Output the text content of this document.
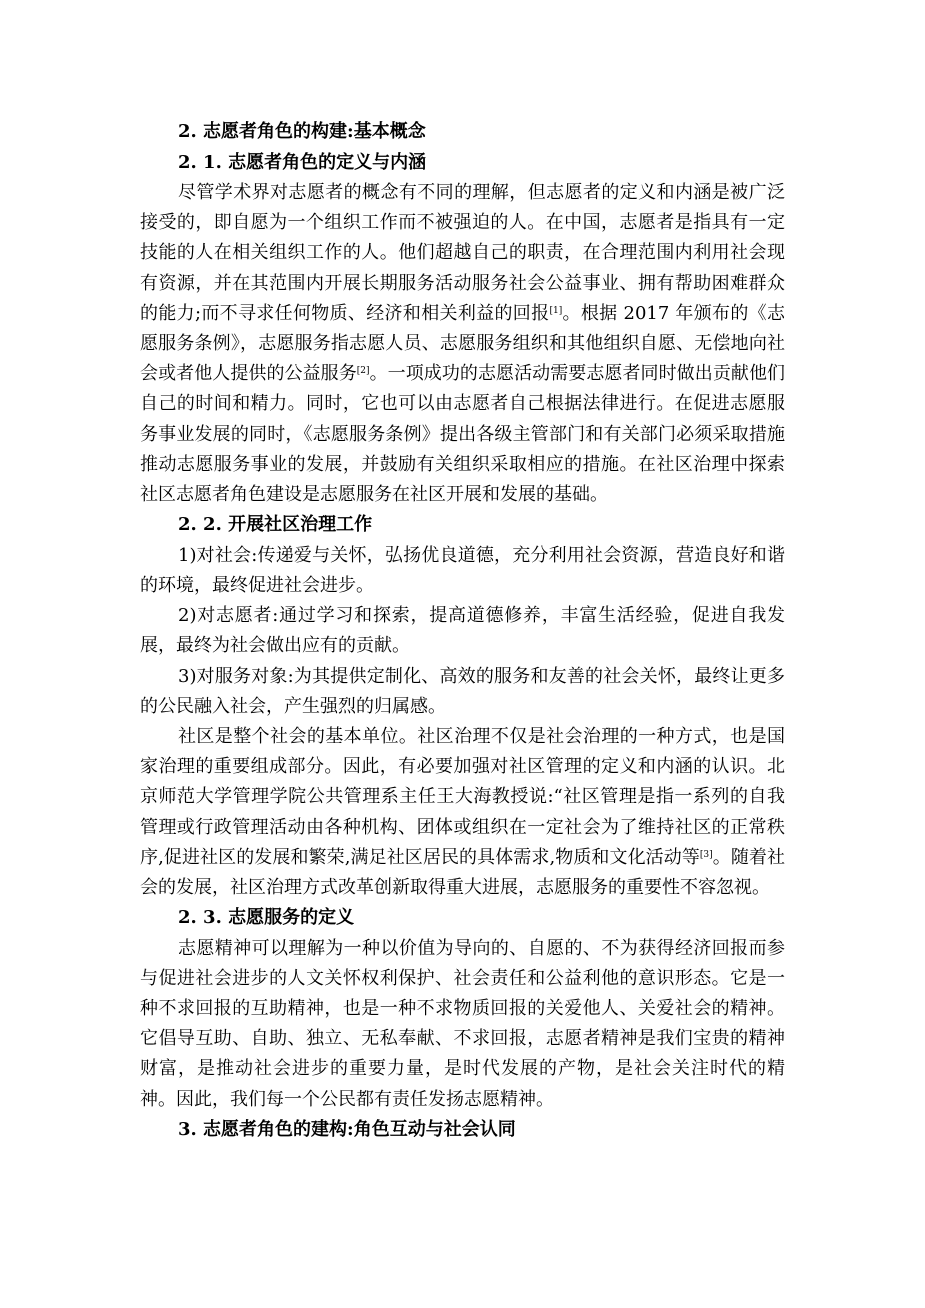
2. 志愿者角色的构建:基本概念

2. 1. 志愿者角色的定义与内涵

尽管学术界对志愿者的概念有不同的理解，但志愿者的定义和内涵是被广泛接受的，即自愿为一个组织工作而不被强迫的人。在中国，志愿者是指具有一定技能的人在相关组织工作的人。他们超越自己的职责，在合理范围内利用社会现有资源，并在其范围内开展长期服务活动服务社会公益事业、拥有帮助困难群众的能力;而不寻求任何物质、经济和相关利益的回报[1]。根据 2017 年颁布的《志愿服务条例》，志愿服务指志愿人员、志愿服务组织和其他组织自愿、无偿地向社会或者他人提供的公益服务[2]。一项成功的志愿活动需要志愿者同时做出贡献他们自己的时间和精力。同时，它也可以由志愿者自己根据法律进行。在促进志愿服务事业发展的同时，《志愿服务条例》提出各级主管部门和有关部门必须采取措施推动志愿服务事业的发展，并鼓励有关组织采取相应的措施。在社区治理中探索社区志愿者角色建设是志愿服务在社区开展和发展的基础。

2. 2. 开展社区治理工作

1)对社会:传递爱与关怀，弘扬优良道德，充分利用社会资源，营造良好和谐的环境，最终促进社会进步。

2)对志愿者:通过学习和探索，提高道德修养，丰富生活经验，促进自我发展，最终为社会做出应有的贡献。

3)对服务对象:为其提供定制化、高效的服务和友善的社会关怀，最终让更多的公民融入社会，产生强烈的归属感。

社区是整个社会的基本单位。社区治理不仅是社会治理的一种方式，也是国家治理的重要组成部分。因此，有必要加强对社区管理的定义和内涵的认识。北京师范大学管理学院公共管理系主任王大海教授说:“社区管理是指一系列的自我管理或行政管理活动由各种机构、团体或组织在一定社会为了维持社区的正常秩序,促进社区的发展和繁荣,满足社区居民的具体需求,物质和文化活动等[3]。随着社会的发展，社区治理方式改革创新取得重大进展，志愿服务的重要性不容忽视。

2. 3. 志愿服务的定义

志愿精神可以理解为一种以价值为导向的、自愿的、不为获得经济回报而参与促进社会进步的人文关怀权利保护、社会责任和公益利他的意识形态。它是一种不求回报的互助精神，也是一种不求物质回报的关爱他人、关爱社会的精神。它倡导互助、自助、独立、无私奉献、不求回报，志愿者精神是我们宝贵的精神财富，是推动社会进步的重要力量，是时代发展的产物，是社会关注时代的精神。因此，我们每一个公民都有责任发扬志愿精神。

3. 志愿者角色的建构:角色互动与社会认同
